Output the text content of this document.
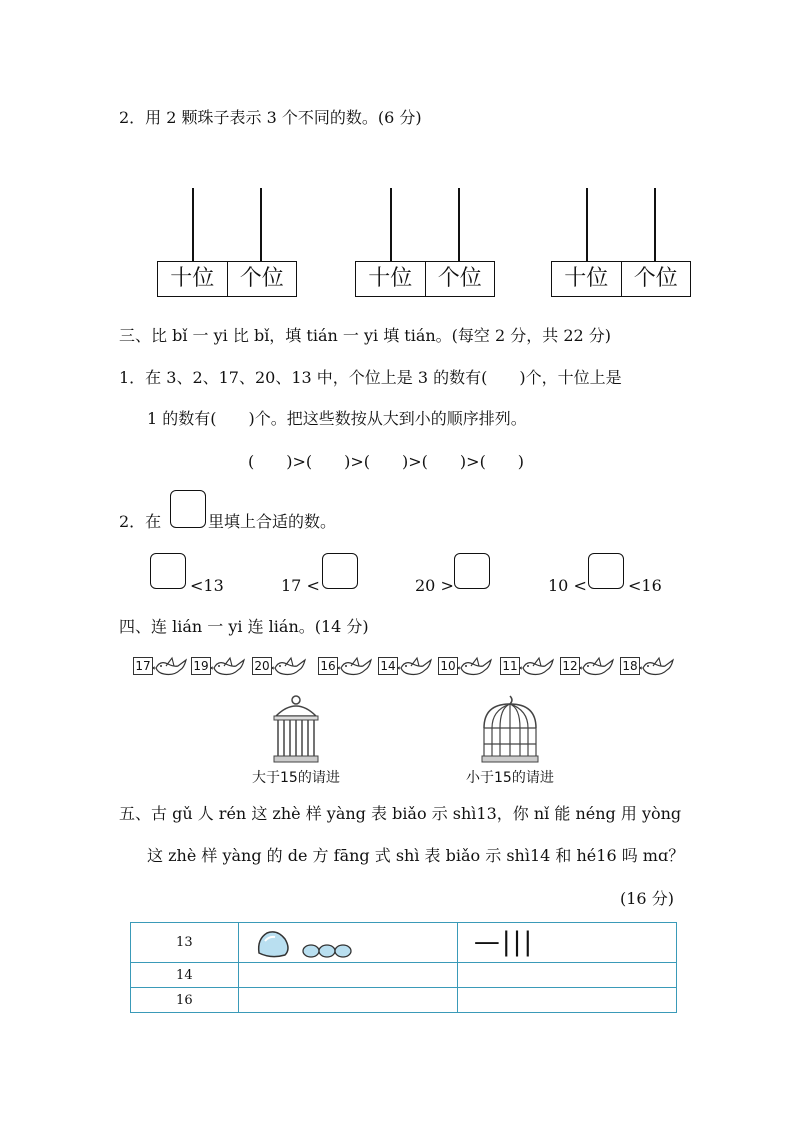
2．用 2 颗珠子表示 3 个不同的数。(6 分)
十位	个位	十位	个位	十位	个位
三、比 bǐ 一 yi 比 bǐ，填 tián 一 yi 填 tián。(每空 2 分，共 22 分)
1．在 3、2、17、20、13 中，个位上是 3 的数有(　　)个，十位上是
1 的数有(　　)个。把这些数按从大到小的顺序排列。
(　　)>(　　)>(　　)>(　　)>(　　)
2．在	里填上合适的数。
<13	17 <	20 >	10 <	<16
四、连 lián 一 yi 连 lián。(14 分)
17	19	20	16	14	10	11	12	18
大于15的请进	小于15的请进
五、古 gǔ 人 rén 这 zhè 样 yàng 表 biǎo 示 shì13，你 nǐ 能 néng 用 yòng
这 zhè 样 yàng 的 de 方 fāng 式 shì 表 biǎo 示 shì14 和 hé16 吗 mɑ？
(16 分)
13		—|||

14		
16		
